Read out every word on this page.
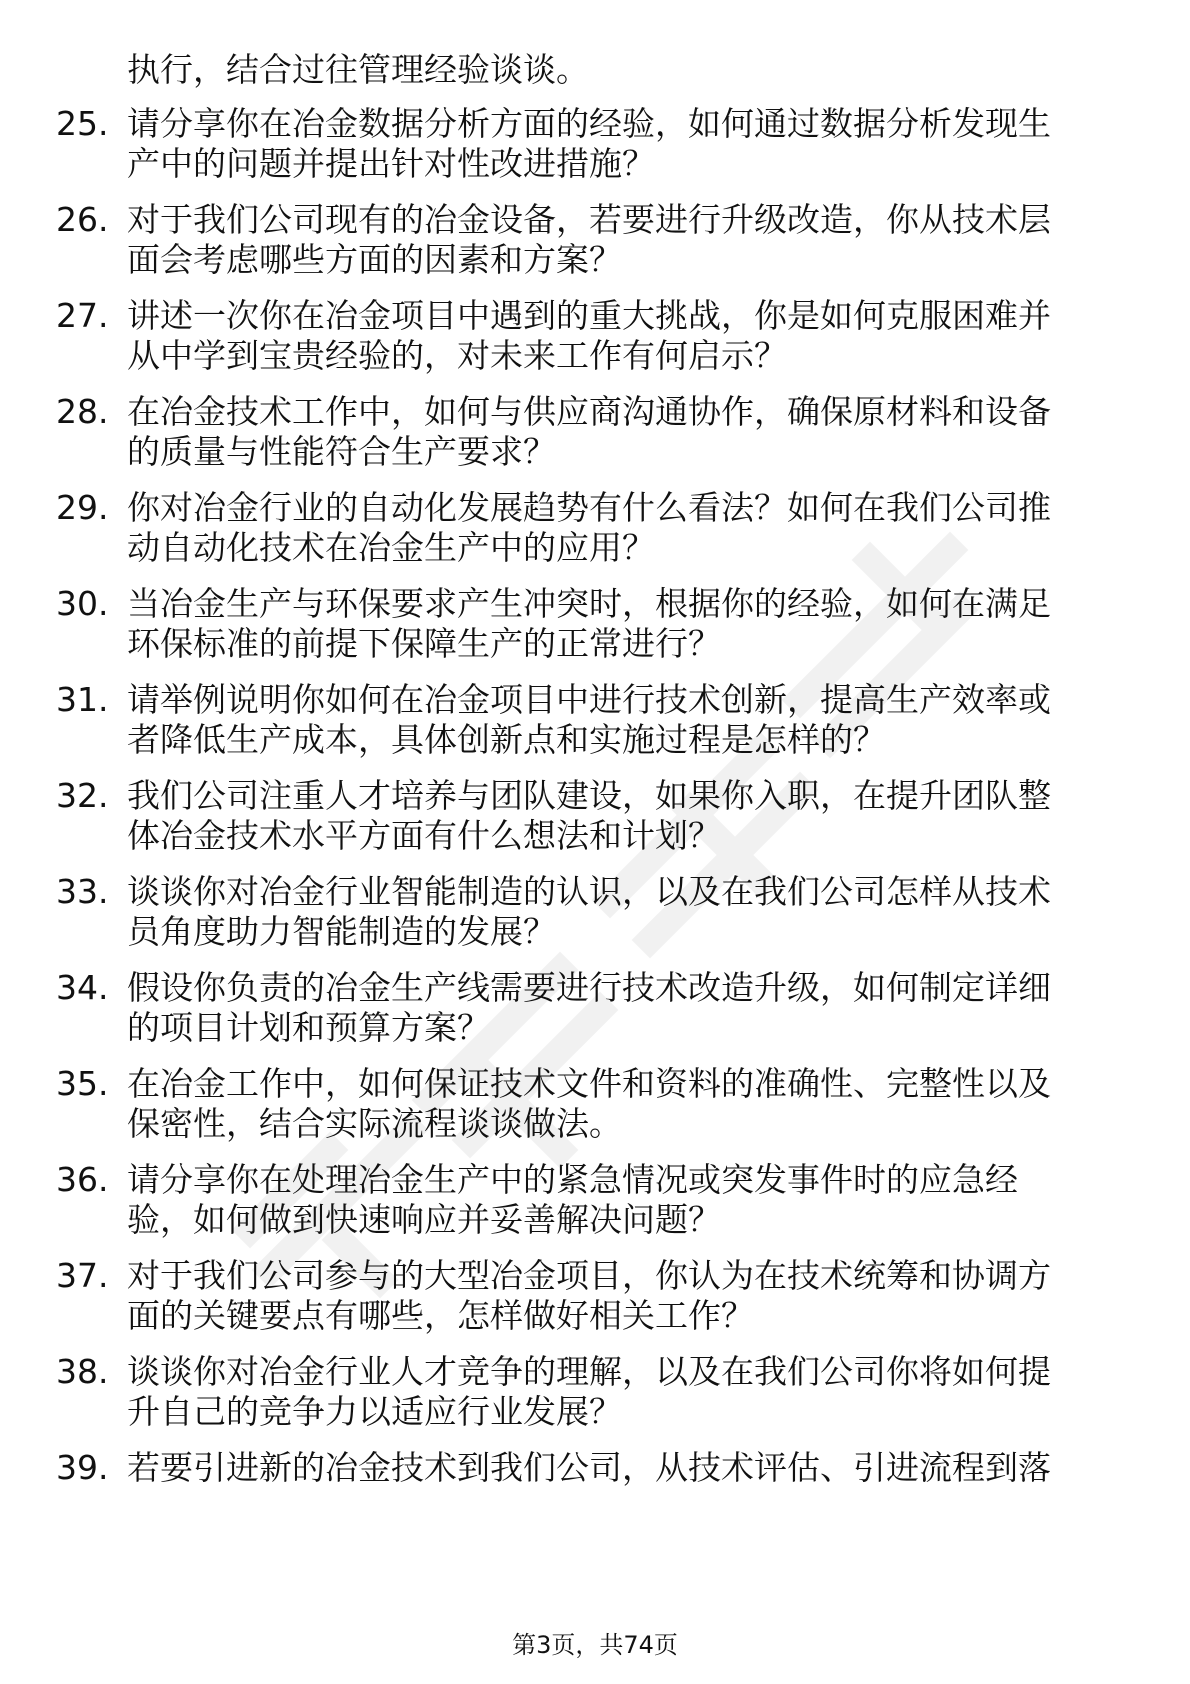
执行，结合过往管理经验谈谈。
25. 请分享你在冶金数据分析方面的经验，如何通过数据分析发现生
产中的问题并提出针对性改进措施？
26. 对于我们公司现有的冶金设备，若要进行升级改造，你从技术层
面会考虑哪些方面的因素和方案？
27. 讲述一次你在冶金项目中遇到的重大挑战，你是如何克服困难并
从中学到宝贵经验的，对未来工作有何启示？
28. 在冶金技术工作中，如何与供应商沟通协作，确保原材料和设备
的质量与性能符合生产要求？
29. 你对冶金行业的自动化发展趋势有什么看法？如何在我们公司推
动自动化技术在冶金生产中的应用？
30. 当冶金生产与环保要求产生冲突时，根据你的经验，如何在满足
环保标准的前提下保障生产的正常进行？
31. 请举例说明你如何在冶金项目中进行技术创新，提高生产效率或
者降低生产成本，具体创新点和实施过程是怎样的？
32. 我们公司注重人才培养与团队建设，如果你入职，在提升团队整
体冶金技术水平方面有什么想法和计划？
33. 谈谈你对冶金行业智能制造的认识，以及在我们公司怎样从技术
员角度助力智能制造的发展？
34. 假设你负责的冶金生产线需要进行技术改造升级，如何制定详细
的项目计划和预算方案？
35. 在冶金工作中，如何保证技术文件和资料的准确性、完整性以及
保密性，结合实际流程谈谈做法。
36. 请分享你在处理冶金生产中的紧急情况或突发事件时的应急经
验，如何做到快速响应并妥善解决问题？
37. 对于我们公司参与的大型冶金项目，你认为在技术统筹和协调方
面的关键要点有哪些，怎样做好相关工作？
38. 谈谈你对冶金行业人才竞争的理解，以及在我们公司你将如何提
升自己的竞争力以适应行业发展？
39. 若要引进新的冶金技术到我们公司，从技术评估、引进流程到落
第3页，共74页
